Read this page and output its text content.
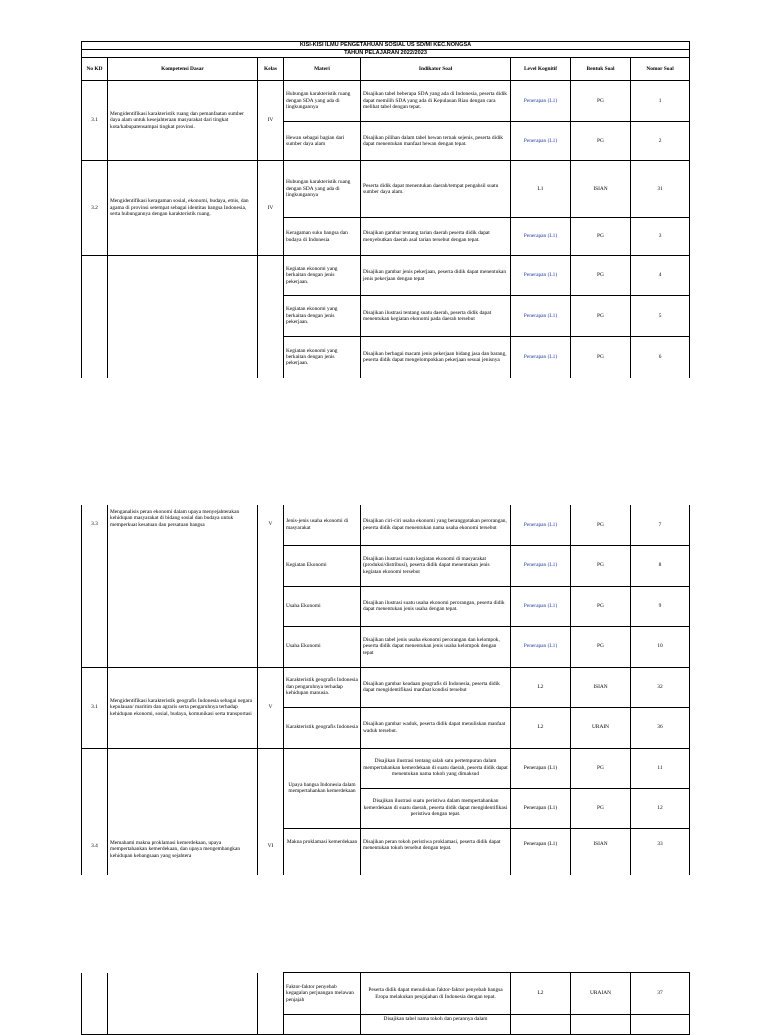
KISI-KISI ILMU PENGETAHUAN SOSIAL US SD/MI KEC.NONGSA							
TAHUN PELAJARAN 2022/2023							
No KD	Kompetensi Dasar	Kelas	Materi	Indikator Soal	Level Kognitif	Bentuk Soal	Nomor Soal
3.1	Mengidentifikasi karakteristik ruang dan pemanfaatan sumber daya alam untuk kesejahteraan masyarakat dari tingkat kota/kabupatensampai tingkat provinsi.	IV	Hubungan karakteristik ruang dengan SDA yang ada di lingkungannya	Disajikan tabel beberapa SDA yang ada di Indonesia, peserta didik dapat memilih SDA yang ada di Kepulauan Riau dengan cara melihat tabel dengan tepat.	Penerapan (L1)	PG	1
			Hewan sebagai bagian dari sumber daya alam	Disajikan pilihan dalam tabel hewan ternak sejenis, peserta didik dapat menentukan manfaat hewan dengan tepat.	Penerapan (L1)	PG	2
3.2	Mengidentifikasi keragaman sosial, ekonomi, budaya, etnis, dan agama di provinsi setempat sebagai identitas bangsa Indonesia, serta hubungannya dengan karakteristik ruang.	IV	Hubungan karakteristik ruang dengan SDA yang ada di lingkungannya	Peserta didik dapat menentukan daerah/tempat pengahsil suatu sumber daya alam.	L1	ISIAN	31
			Keragaman suku bangsa dan budaya di Indonesia	Disajikan gambar tentang tarian daerah peserta didik dapat menyebutkan daerah asal tarian tersebut dengan tepat.	Penerapan (L1)	PG	3
			Kegiatan ekonomi yang berkaitan dengan jenis pekerjaan.	Disajikan gambar jenis pekerjaan, peserta didik dapat menentukan jenis pekerjaan dengan tepat	Penerapan (L1)	PG	4
			Kegiatan ekonomi yang berkaitan dengan jenis pekerjaan.	Disajikan ilustrasi tentang suatu daerah, peserta didik dapat menentukan kegiatan ekonomi pada daerah tersebut	Penerapan (L1)	PG	5
			Kegiatan ekonomi yang berkaitan dengan jenis pekerjaan.	Disajikan berbagai macam jenis pekerjaan bidang jasa dan barang, peserta didik dapat mengelompokkan pekerjaan sesuai jenisnya	Penerapan (L1)	PG	6
3.3	Menganalisis peran ekonomi dalam upaya menyejahterakan kehidupan masyarakat di bidang sosial dan budaya untuk memperkuat kesatuan dan persatuan bangsa	V	Jenis-jenis usaha ekonomi di masyarakat	Disajikan ciri-ciri usaha ekonomi yang beranggotakan perorangan, peserta didik dapat menentukan nama usaha ekonomi tersebut	Penerapan (L1)	PG	7
			Kegiatan Ekonomi	Disajikan ilustrasi suatu kegiatan ekonomi di masyarakat (produksi/distribusi), peserta didik dapat menentukan jenis kegiatan ekonomi tersebut	Penerapan (L1)	PG	8
			Usaha Ekonomi	Disajikan ilustrasi suatu usaha ekonomi perorangan, peserta didik dapat menentukan jenis usaha dengan tepat.	Penerapan (L1)	PG	9
			Usaha Ekonomi	Disajikan tabel jenis usaha ekonomi perorangan dan kelompok, peserta didik dapat menentukan jenis usaha kelompok dengan tepat	Penerapan (L1)	PG	10
3.1	Mengidentifikasi karakteristik geografis Indonesia sebagai negara kepulauan/ maritim dan agraris serta pengaruhnya terhadap kehidupan ekonomi, sosial, budaya, komunikasi serta transportasi	V	Karakteristik geografis Indonesia dan pengaruhnya terhadap kehidupan manusia.	Disajikan gambar keadaan geografis di Indonesia, peserta didik dapat mengidentifikasi manfaat kondisi tersebut	L2	ISIAN	32
			Karakteristik geografis Indonesia	Disajikan gambar waduk, peserta didik dapat menuliskan manfaat waduk tersebut.	L2	URAIN	36
3.4	Memahami makna proklamasi kemerdekaan, upaya mempertahankan kemerdekaan, dan upaya mengembangkan kehidupan kebangsaan yang sejahtera	VI	Upaya bangsa Indonesia dalam mempertahankan kemerdekaan	Disajikan ilustrasi tentang salah satu pertempuran dalam mempertahankan kemerdekaan di suatu daerah, peserta didik dapat menentukan nama tokoh yang dimaksud	Penerapan (L1)	PG	11
				Disajikan ilustrasi suatu peristiwa dalam mempertahankan kemerdekaan di suatu daerah, peserta didik dapat mengidentifikasi peristiwa dengan tepat.	Penerapan (L1)	PG	12
			Makna proklamasi kemerdekaan	Disajikan peran tokoh peristiwa proklamasi, peserta didik dapat menentukan tokoh tersebut dengan tepat.	Penerapan (L1)	ISIAN	33
			Faktor-faktor penyebab kegagalan perjuangan melawan penjajah	Peserta didik dapat menuliskan faktor-faktor penyebab bangsa Eropa melakukan penjajahan di Indonesia dengan tepat.	L2	URAIAN	37
				Disajikan tabel nama tokoh dan perannya dalam			
